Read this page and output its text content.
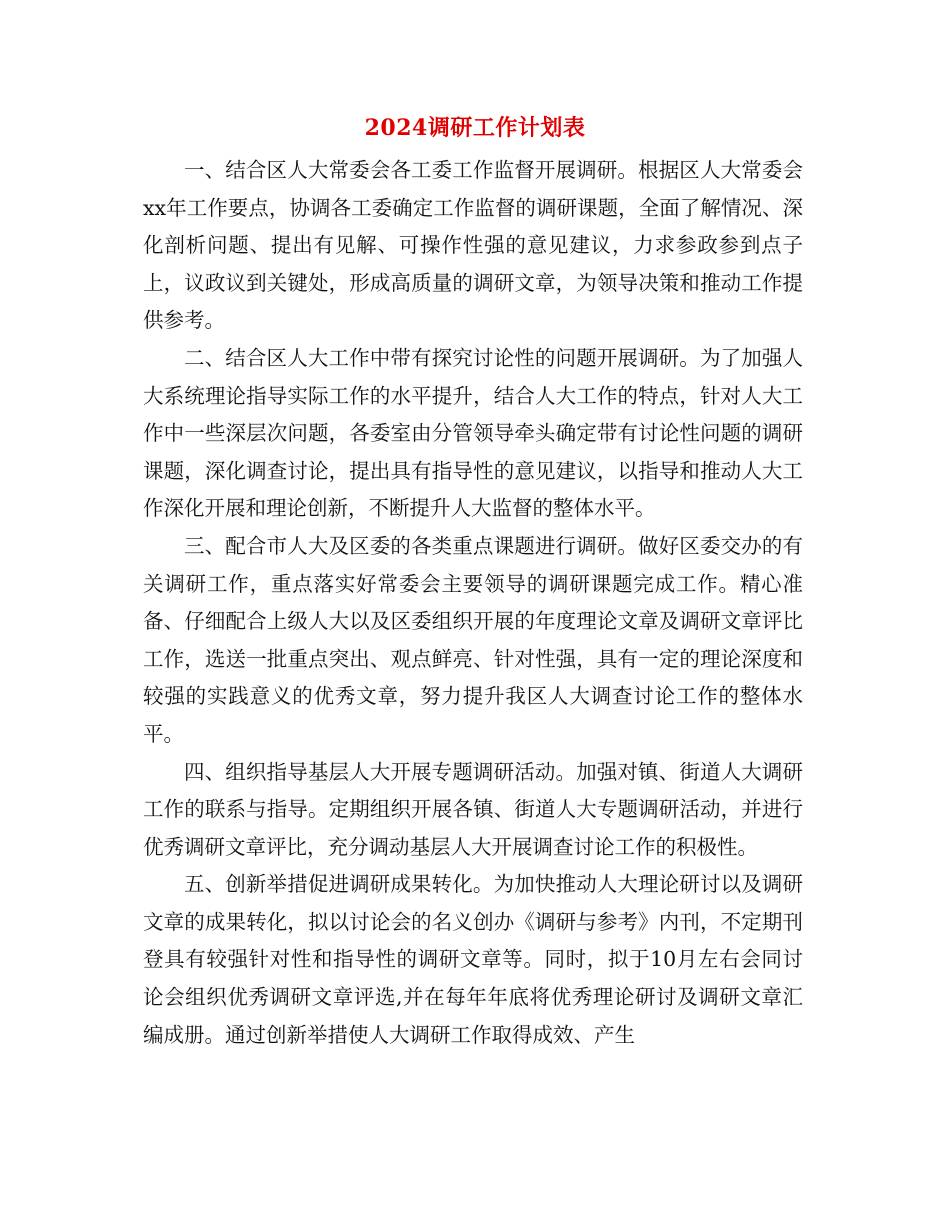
2024调研工作计划表

一、结合区人大常委会各工委工作监督开展调研。根据区人大常委会xx年工作要点，协调各工委确定工作监督的调研课题，全面了解情况、深化剖析问题、提出有见解、可操作性强的意见建议，力求参政参到点子上，议政议到关键处，形成高质量的调研文章，为领导决策和推动工作提供参考。

二、结合区人大工作中带有探究讨论性的问题开展调研。为了加强人大系统理论指导实际工作的水平提升，结合人大工作的特点，针对人大工作中一些深层次问题，各委室由分管领导牵头确定带有讨论性问题的调研课题，深化调查讨论，提出具有指导性的意见建议，以指导和推动人大工作深化开展和理论创新，不断提升人大监督的整体水平。

三、配合市人大及区委的各类重点课题进行调研。做好区委交办的有关调研工作，重点落实好常委会主要领导的调研课题完成工作。精心准备、仔细配合上级人大以及区委组织开展的年度理论文章及调研文章评比工作，选送一批重点突出、观点鲜亮、针对性强，具有一定的理论深度和较强的实践意义的优秀文章，努力提升我区人大调查讨论工作的整体水平。

四、组织指导基层人大开展专题调研活动。加强对镇、街道人大调研工作的联系与指导。定期组织开展各镇、街道人大专题调研活动，并进行优秀调研文章评比，充分调动基层人大开展调查讨论工作的积极性。

五、创新举措促进调研成果转化。为加快推动人大理论研讨以及调研文章的成果转化，拟以讨论会的名义创办《调研与参考》内刊，不定期刊登具有较强针对性和指导性的调研文章等。同时，拟于10月左右会同讨论会组织优秀调研文章评选,并在每年年底将优秀理论研讨及调研文章汇编成册。通过创新举措使人大调研工作取得成效、产生
